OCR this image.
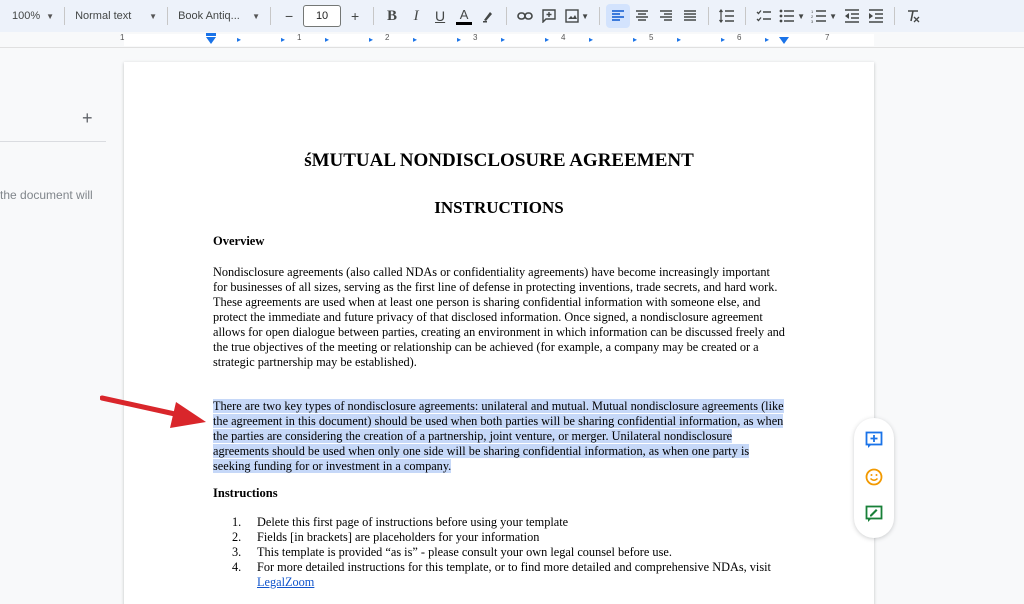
100% ▼ Normal text ▼ Book Antiq... ▼	−	10	+	B	I	U	A	▼	▼ 1
2
3
▼
1	1	2	3	4	5	6	7
▸	▸	▸	▸	▸	▸	▸	▸	▸	▸	▸	▸	▸
+
the document will
śMUTUAL NONDISCLOSURE AGREEMENT
INSTRUCTIONS
Overview
Nondisclosure agreements (also called NDAs or confidentiality agreements) have become increasingly important for businesses of all sizes, serving as the first line of defense in protecting inventions, trade secrets, and hard work. These agreements are used when at least one person is sharing confidential information with someone else, and protect the immediate and future privacy of that disclosed information. Once signed, a nondisclosure agreement allows for open dialogue between parties, creating an environment in which information can be discussed freely and the true objectives of the meeting or relationship can be achieved (for example, a company may be created or a strategic partnership may be established).
There are two key types of nondisclosure agreements: unilateral and mutual. Mutual nondisclosure agreements (like the agreement in this document) should be used when both parties will be sharing confidential information, as when the parties are considering the creation of a partnership, joint venture, or merger. Unilateral nondisclosure agreements should be used when only one side will be sharing confidential information, as when one party is seeking funding for or investment in a company.
Instructions
1.	Delete this first page of instructions before using your template
2.	Fields [in brackets] are placeholders for your information
3.	This template is provided “as is” - please consult your own legal counsel before use.
4.	For more detailed instructions for this template, or to find more detailed and comprehensive NDAs, visit LegalZoom
